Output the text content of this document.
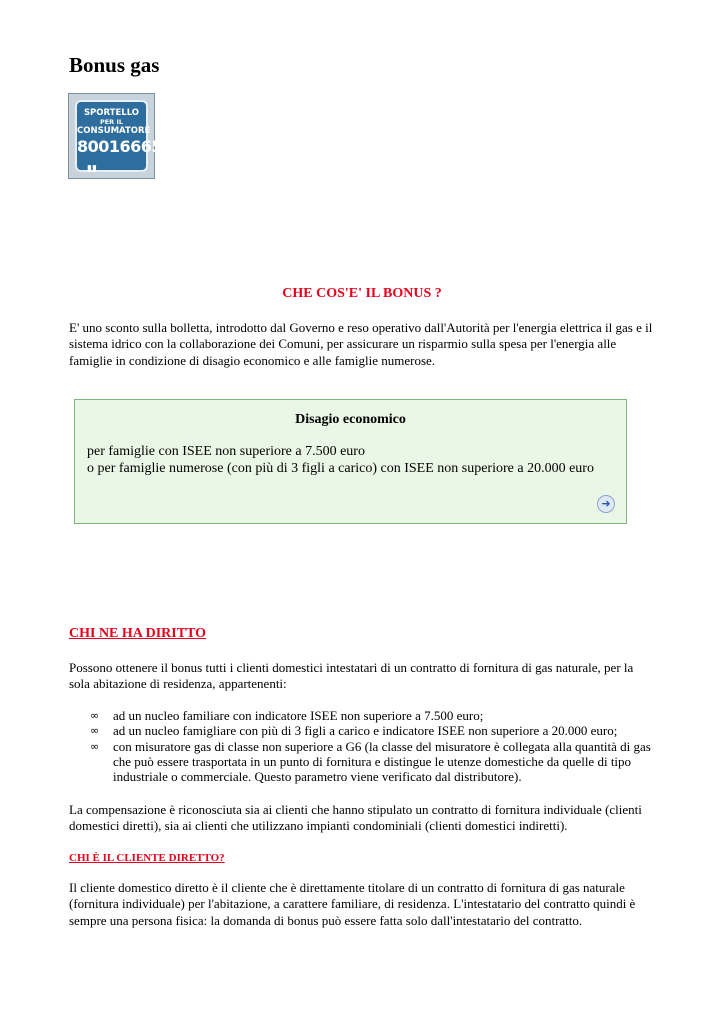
Bonus gas
SPORTELLO
PER IL
CONSUMATORE
800166654
▮▮
CHE COS'E' IL BONUS ?
E' uno sconto sulla bolletta, introdotto dal Governo e reso operativo dall'Autorità per l'energia elettrica il gas e il sistema idrico con la collaborazione dei Comuni, per assicurare un risparmio sulla spesa per l'energia alle famiglie in condizione di disagio economico e alle famiglie numerose.
Disagio economico
per famiglie con ISEE non superiore a 7.500 euro
o per famiglie numerose (con più di 3 figli a carico) con ISEE non superiore a 20.000 euro
➜
CHI NE HA DIRITTO
Possono ottenere il bonus tutti i clienti domestici intestatari di un contratto di fornitura di gas naturale, per la sola abitazione di residenza, appartenenti:
∞ ad un nucleo familiare con indicatore ISEE non superiore a 7.500 euro;
∞ ad un nucleo famigliare con più di 3 figli a carico e indicatore ISEE non superiore a 20.000 euro;
∞ con misuratore gas di classe non superiore a G6 (la classe del misuratore è collegata alla quantità di gas che può essere trasportata in un punto di fornitura e distingue le utenze domestiche da quelle di tipo industriale o commerciale. Questo parametro viene verificato dal distributore).
La compensazione è riconosciuta sia ai clienti che hanno stipulato un contratto di fornitura individuale (clienti domestici diretti), sia ai clienti che utilizzano impianti condominiali (clienti domestici indiretti).
CHI È IL CLIENTE DIRETTO?
Il cliente domestico diretto è il cliente che è direttamente titolare di un contratto di fornitura di gas naturale (fornitura individuale) per l'abitazione, a carattere familiare, di residenza. L'intestatario del contratto quindi è sempre una persona fisica: la domanda di bonus può essere fatta solo dall'intestatario del contratto.
